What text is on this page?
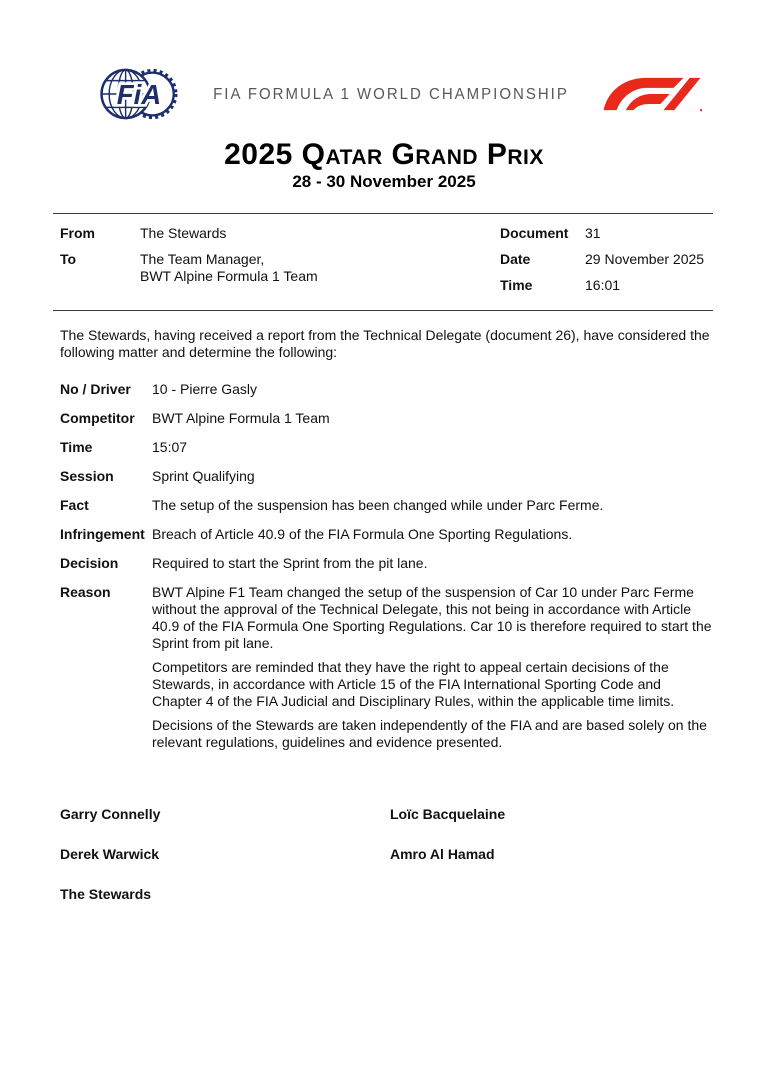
FiA	FIA FORMULA 1 WORLD CHAMPIONSHIP
2025 Qatar Grand Prix
28 - 30 November 2025
From	The Stewards
To	The Team Manager,
BWT Alpine Formula 1 Team
Document	31
Date	29 November 2025
Time	16:01
The Stewards, having received a report from the Technical Delegate (document 26), have considered the following matter and determine the following:
No / Driver	10 - Pierre Gasly
Competitor	BWT Alpine Formula 1 Team
Time	15:07
Session	Sprint Qualifying
Fact	The setup of the suspension has been changed while under Parc Ferme.
Infringement Breach of Article 40.9 of the FIA Formula One Sporting Regulations.
Decision	Required to start the Sprint from the pit lane.
Reason	BWT Alpine F1 Team changed the setup of the suspension of Car 10 under Parc Ferme without the approval of the Technical Delegate, this not being in accordance with Article 40.9 of the FIA Formula One Sporting Regulations. Car 10 is therefore required to start the Sprint from pit lane.

Competitors are reminded that they have the right to appeal certain decisions of the Stewards, in accordance with Article 15 of the FIA International Sporting Code and Chapter 4 of the FIA Judicial and Disciplinary Rules, within the applicable time limits.

Decisions of the Stewards are taken independently of the FIA and are based solely on the relevant regulations, guidelines and evidence presented.

Garry Connelly	Loïc Bacquelaine
Derek Warwick	Amro Al Hamad
The Stewards
